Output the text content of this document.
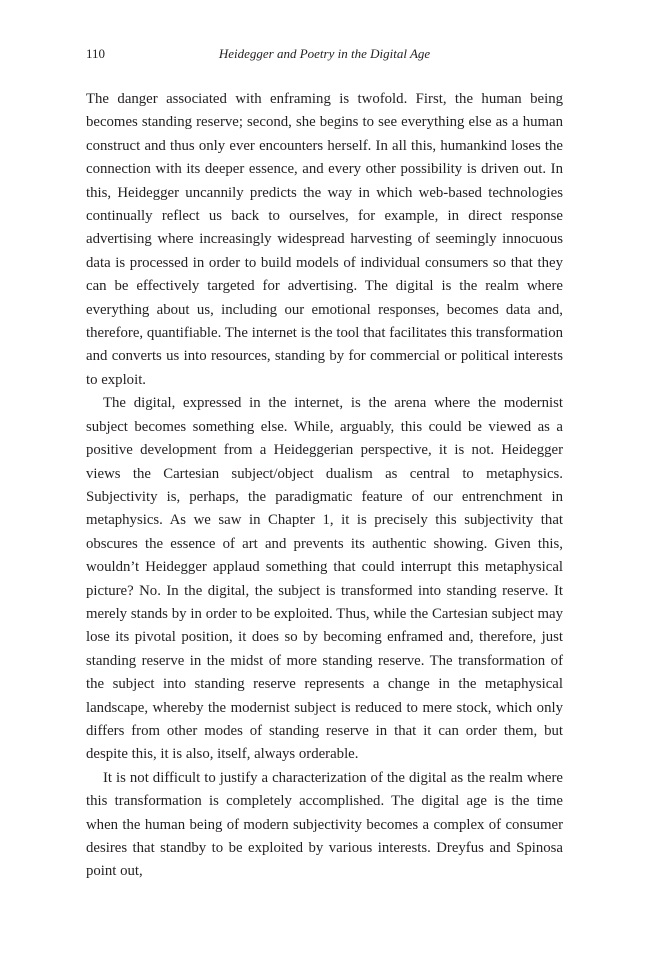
110	Heidegger and Poetry in the Digital Age

The danger associated with enframing is twofold. First, the human being becomes standing reserve; second, she begins to see everything else as a human construct and thus only ever encounters herself. In all this, humankind loses the connection with its deeper essence, and every other possibility is driven out. In this, Heidegger uncannily predicts the way in which web-based technologies continually reflect us back to ourselves, for example, in direct response advertising where increasingly widespread harvesting of seemingly innocuous data is processed in order to build models of individual consumers so that they can be effectively targeted for advertising. The digital is the realm where everything about us, including our emotional responses, becomes data and, therefore, quantifiable. The internet is the tool that facilitates this transformation and converts us into resources, standing by for commercial or political interests to exploit.

The digital, expressed in the internet, is the arena where the modernist subject becomes something else. While, arguably, this could be viewed as a positive development from a Heideggerian perspective, it is not. Heidegger views the Cartesian subject/object dualism as central to metaphysics. Subjectivity is, perhaps, the paradigmatic feature of our entrenchment in metaphysics. As we saw in Chapter 1, it is precisely this subjectivity that obscures the essence of art and prevents its authentic showing. Given this, wouldn’t Heidegger applaud something that could interrupt this metaphysical picture? No. In the digital, the subject is transformed into standing reserve. It merely stands by in order to be exploited. Thus, while the Cartesian subject may lose its pivotal position, it does so by becoming enframed and, therefore, just standing reserve in the midst of more standing reserve. The transformation of the subject into standing reserve represents a change in the metaphysical landscape, whereby the modernist subject is reduced to mere stock, which only differs from other modes of standing reserve in that it can order them, but despite this, it is also, itself, always orderable.

It is not difficult to justify a characterization of the digital as the realm where this transformation is completely accomplished. The digital age is the time when the human being of modern subjectivity becomes a complex of consumer desires that standby to be exploited by various interests. Dreyfus and Spinosa point out,
